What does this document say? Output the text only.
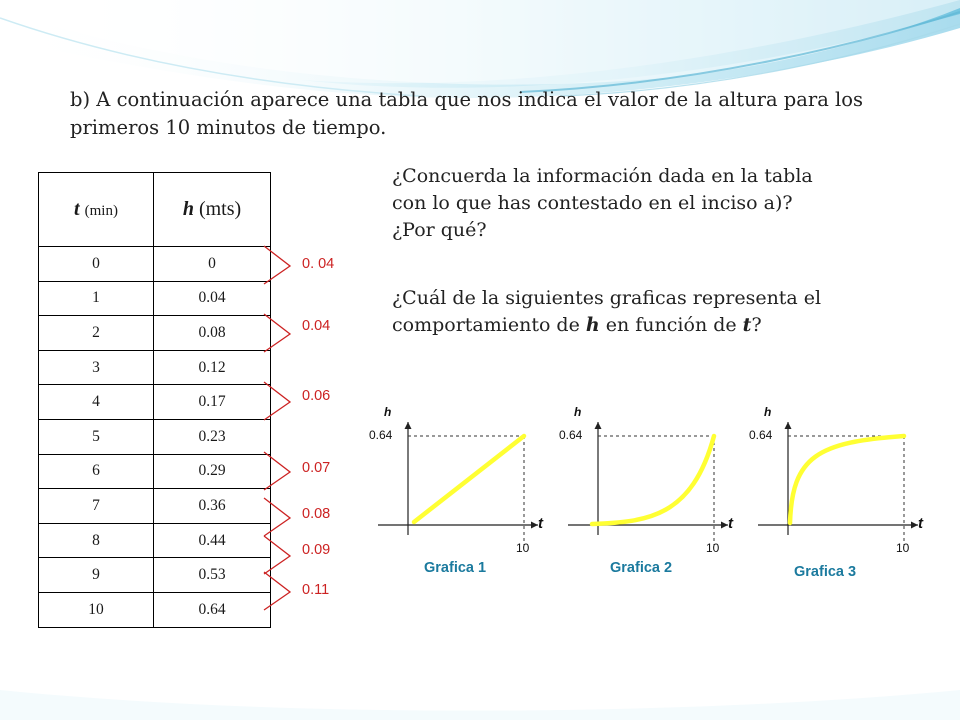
b) A continuación aparece una tabla que nos indica el valor de la altura para los primeros 10 minutos de tiempo.
¿Concuerda la información dada en la tabla
con lo que has contestado en el inciso a)?
¿Por qué?
¿Cuál de la siguientes graficas representa el comportamiento de h en función de t?
t (min)	h (mts)
0	0
1	0.04
2	0.08
3	0.12
4	0.17
5	0.23
6	0.29
7	0.36
8	0.44
9	0.53
10	0.64
0. 04
0.04
0.06
0.07
0.08
0.09
0.11
h
0.64
t
10
Grafica 1
h
0.64
t
10
Grafica 2
h
0.64
t
10
Grafica 3
